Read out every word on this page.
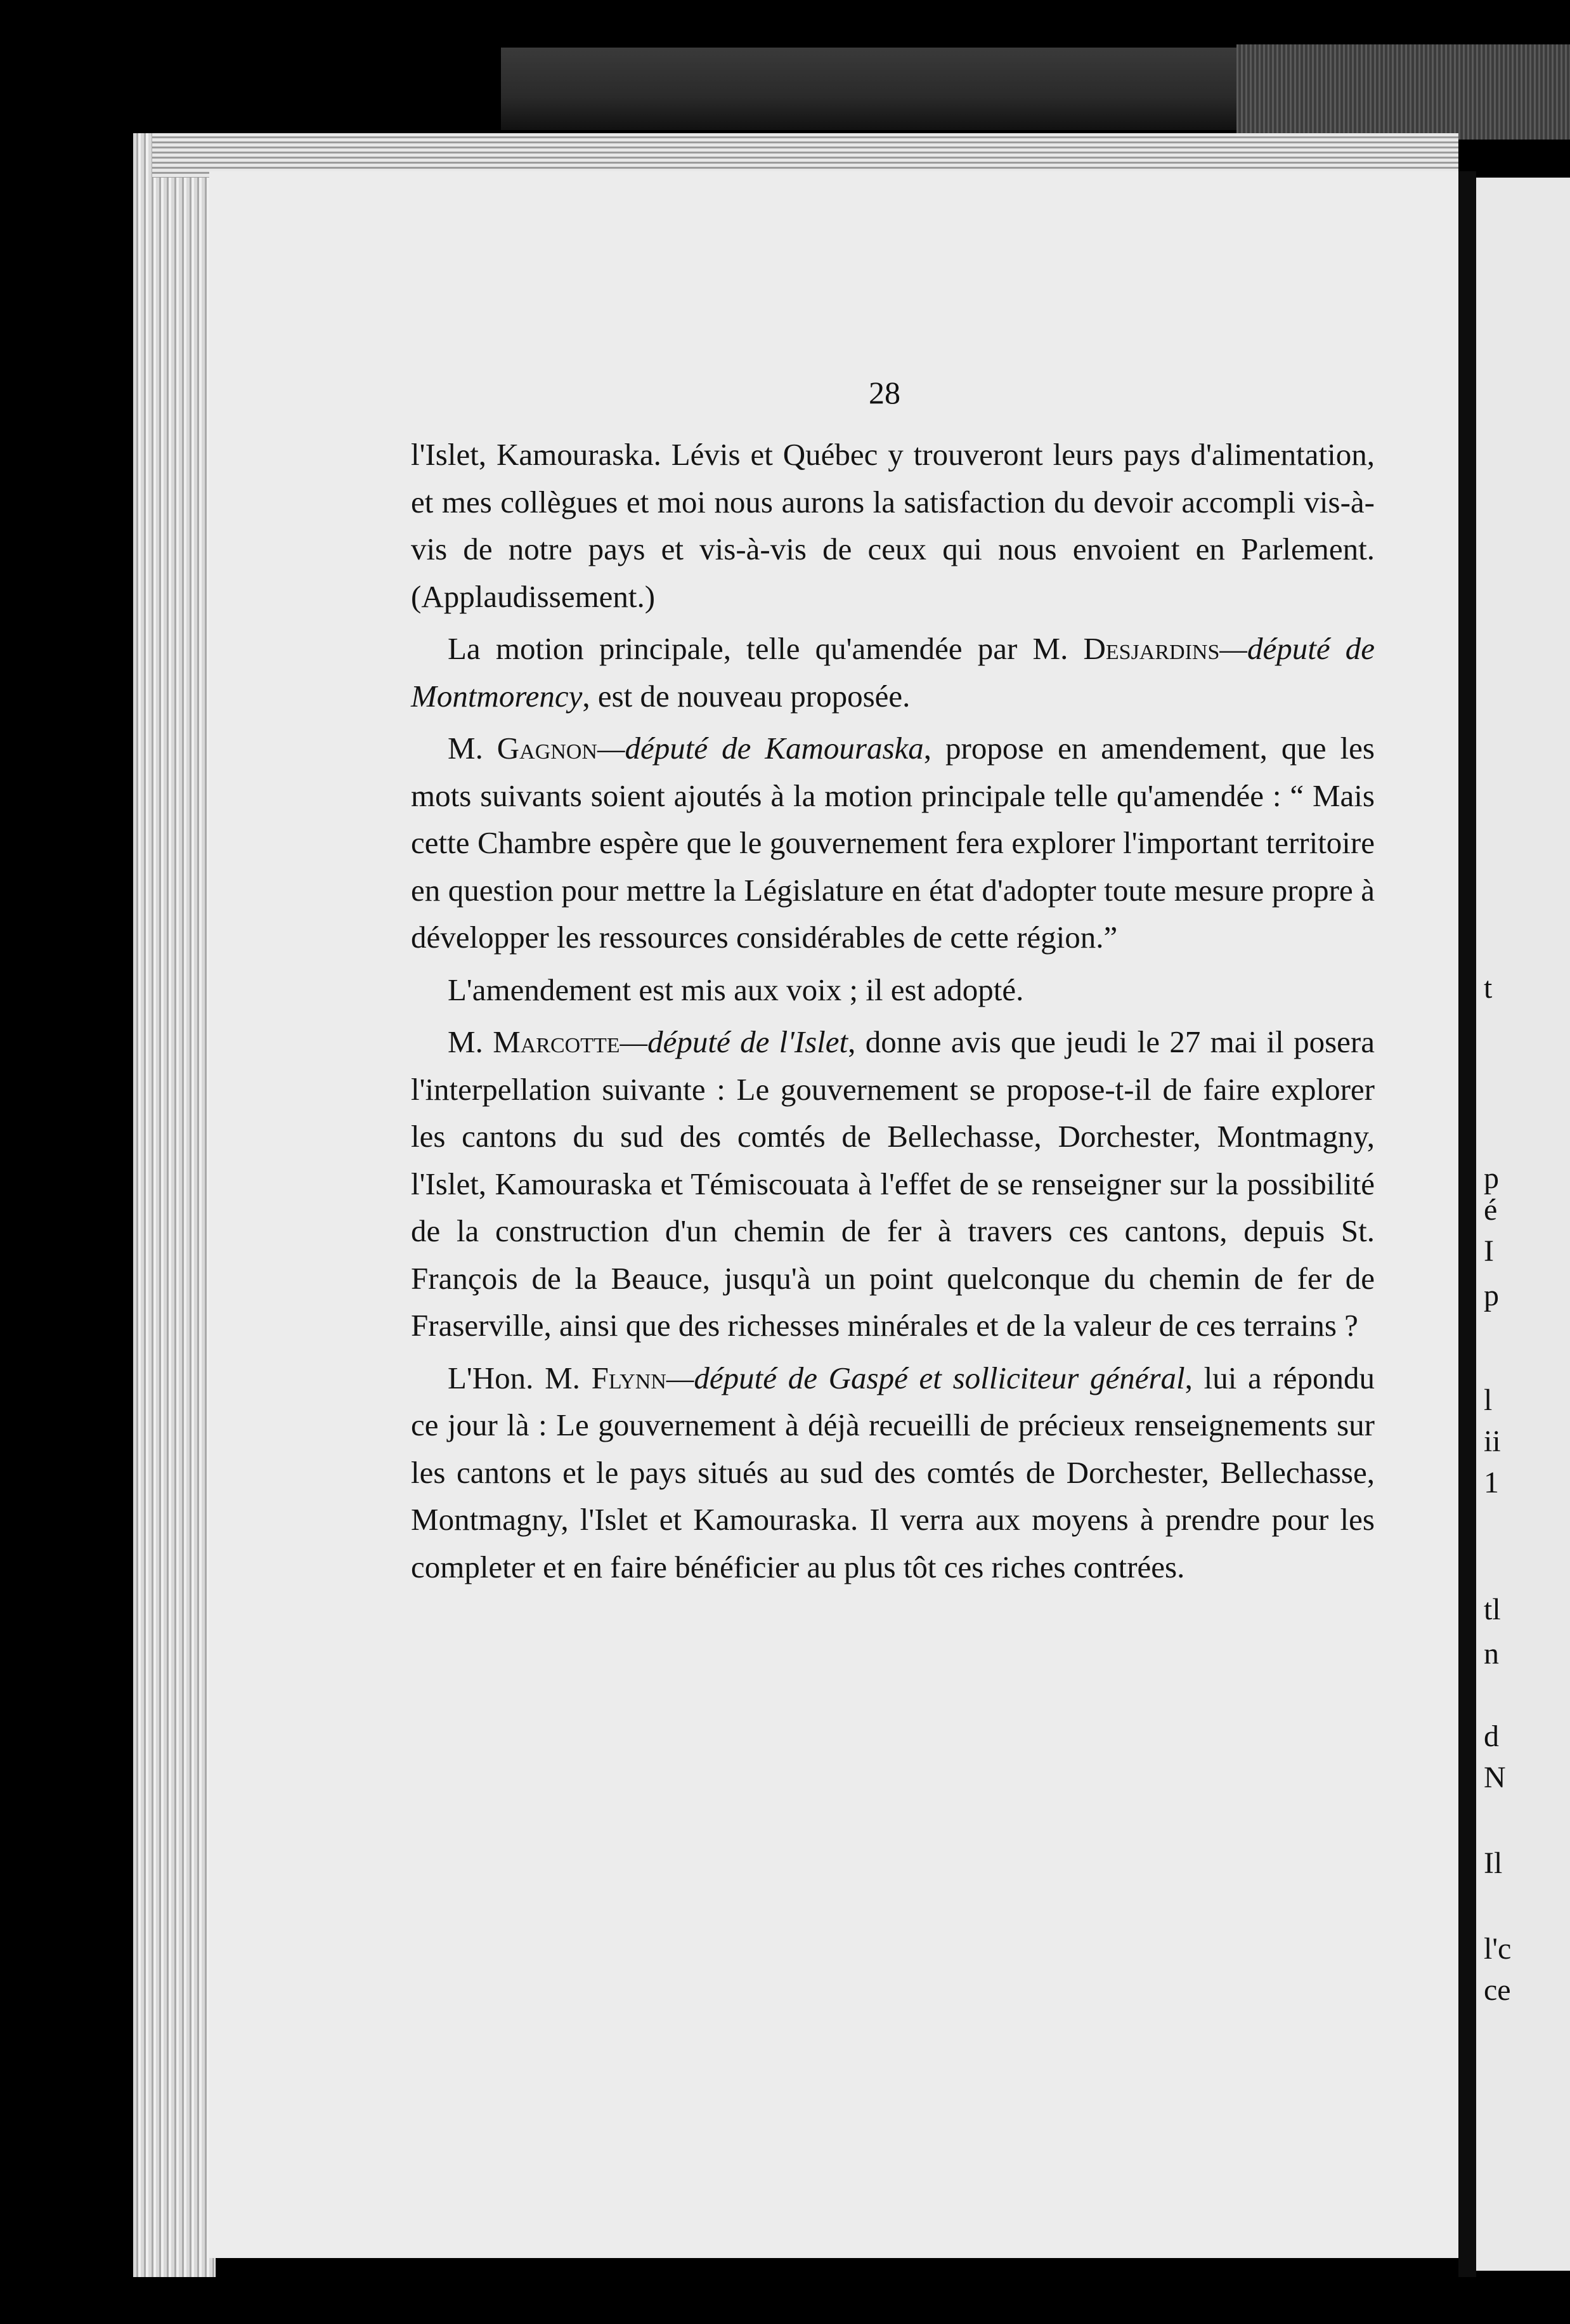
t
p
é
I
p
l
ii
1
tl
n
d
N
Il
l'c
ce
28

l'Islet, Kamouraska. Lévis et Québec y trouveront leurs pays d'alimentation, et mes collègues et moi nous aurons la satisfaction du devoir accompli vis-à-vis de notre pays et vis-à-vis de ceux qui nous envoient en Parlement. (Applaudissement.)

La motion principale, telle qu'amendée par M. Desjardins—député de Montmorency, est de nouveau proposée.

M. Gagnon—député de Kamouraska, propose en amendement, que les mots suivants soient ajoutés à la motion principale telle qu'amendée : “ Mais cette Chambre espère que le gouvernement fera explorer l'important territoire en question pour mettre la Législature en état d'adopter toute mesure propre à développer les ressources considérables de cette région.”

L'amendement est mis aux voix ; il est adopté.

M. Marcotte—député de l'Islet, donne avis que jeudi le 27 mai il posera l'interpellation suivante : Le gouvernement se propose-t-il de faire explorer les cantons du sud des comtés de Bellechasse, Dorchester, Montmagny, l'Islet, Kamouraska et Témiscouata à l'effet de se renseigner sur la possibilité de la construction d'un chemin de fer à travers ces cantons, depuis St. François de la Beauce, jusqu'à un point quelconque du chemin de fer de Fraserville, ainsi que des richesses minérales et de la valeur de ces terrains ?

L'Hon. M. Flynn—député de Gaspé et solliciteur général, lui a répondu ce jour là : Le gouvernement à déjà recueilli de précieux renseignements sur les cantons et le pays situés au sud des comtés de Dorchester, Bellechasse, Montmagny, l'Islet et Kamouraska. Il verra aux moyens à prendre pour les completer et en faire bénéficier au plus tôt ces riches contrées.
